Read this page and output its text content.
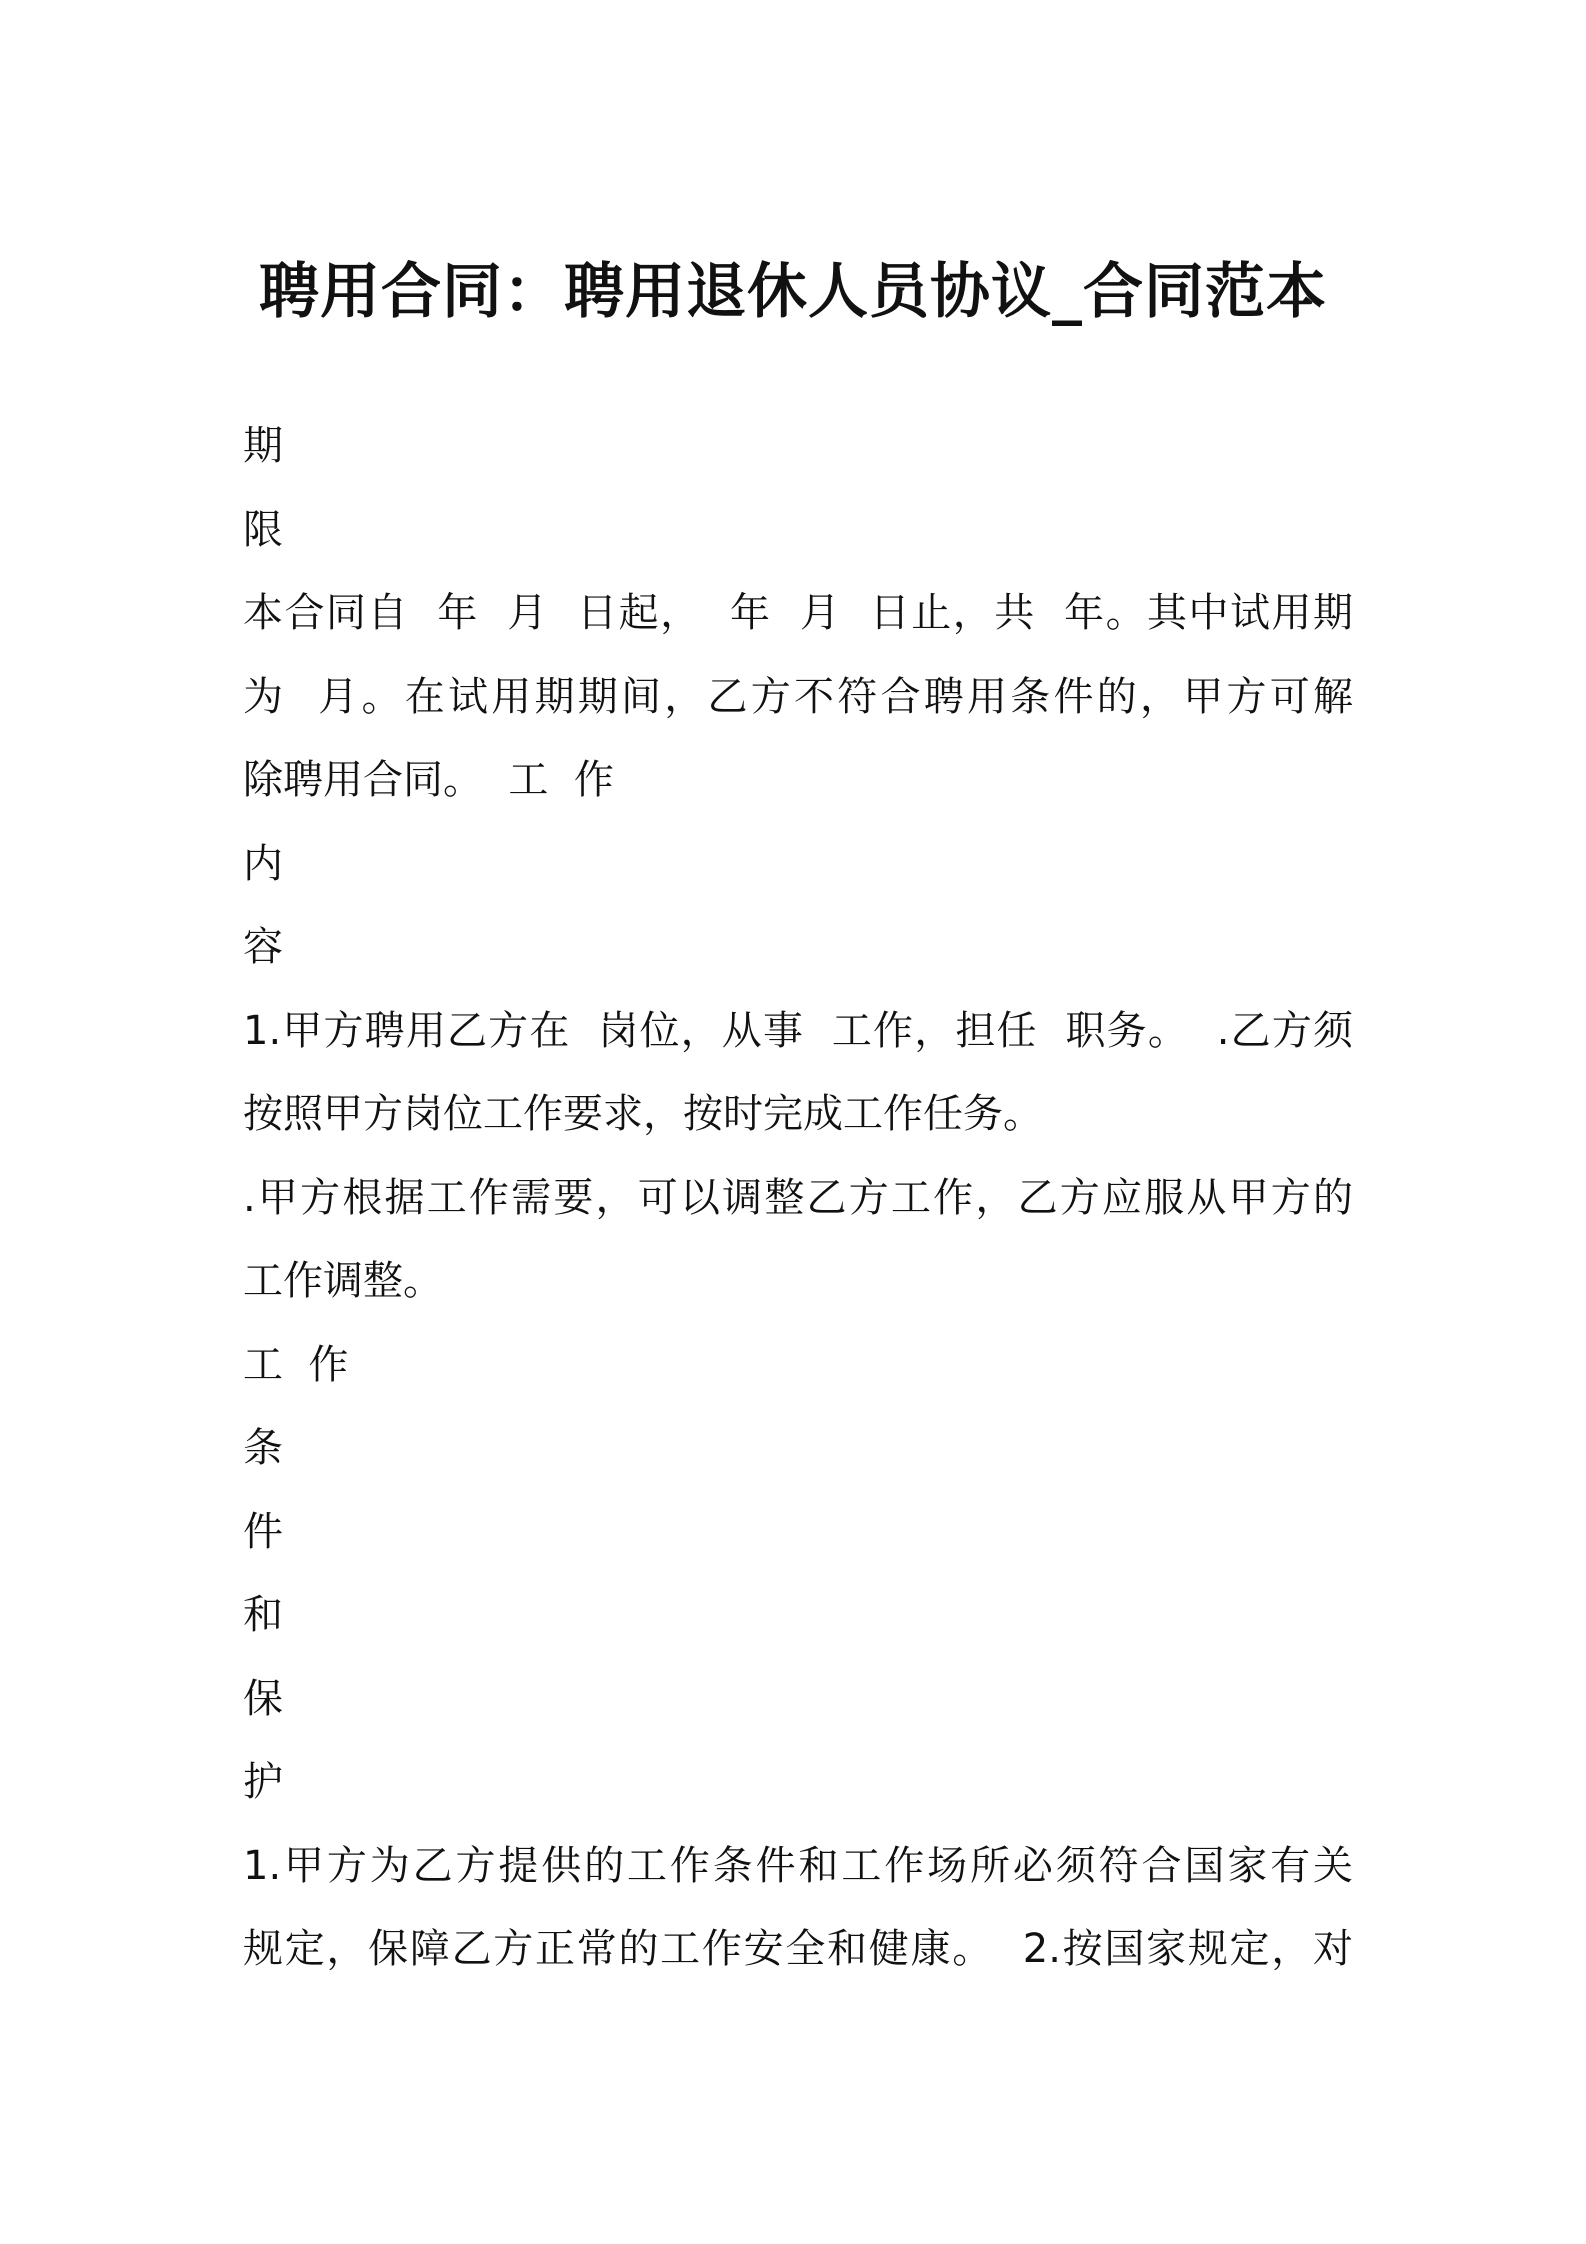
聘用合同：聘用退休人员协议_合同范本
期
限
本合同自  年  月  日起，  年  月  日止，共  年。其中试用期
为  月。在试用期期间，乙方不符合聘用条件的，甲方可解
除聘用合同。  工  作
内
容
1.甲方聘用乙方在  岗位，从事  工作，担任  职务。  .乙方须
按照甲方岗位工作要求，按时完成工作任务。
.甲方根据工作需要，可以调整乙方工作，乙方应服从甲方的
工作调整。
工  作
条
件
和
保
护
1.甲方为乙方提供的工作条件和工作场所必须符合国家有关
规定，保障乙方正常的工作安全和健康。  2.按国家规定，对
